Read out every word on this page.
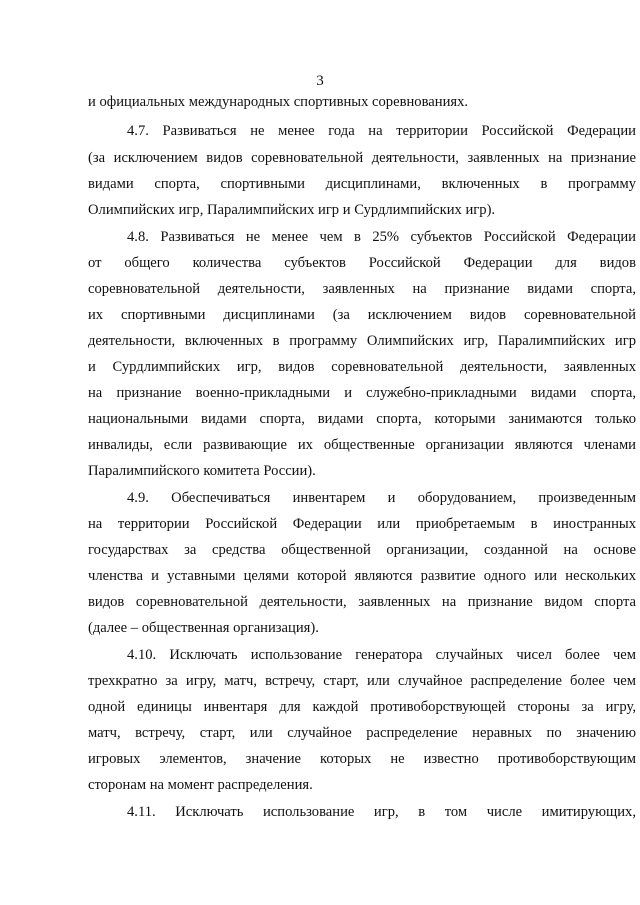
3
и официальных международных спортивных соревнованиях.
4.7. Развиваться не менее года на территории Российской Федерации
(за исключением видов соревновательной деятельности, заявленных на признание
видами спорта, спортивными дисциплинами, включенных в программу
Олимпийских игр, Паралимпийских игр и Сурдлимпийских игр).
4.8. Развиваться не менее чем в 25% субъектов Российской Федерации
от общего количества субъектов Российской Федерации для видов
соревновательной деятельности, заявленных на признание видами спорта,
их спортивными дисциплинами (за исключением видов соревновательной
деятельности, включенных в программу Олимпийских игр, Паралимпийских игр
и Сурдлимпийских игр, видов соревновательной деятельности, заявленных
на признание военно-прикладными и служебно-прикладными видами спорта,
национальными видами спорта, видами спорта, которыми занимаются только
инвалиды, если развивающие их общественные организации являются членами
Паралимпийского комитета России).
4.9. Обеспечиваться инвентарем и оборудованием, произведенным
на территории Российской Федерации или приобретаемым в иностранных
государствах за средства общественной организации, созданной на основе
членства и уставными целями которой являются развитие одного или нескольких
видов соревновательной деятельности, заявленных на признание видом спорта
(далее – общественная организация).
4.10. Исключать использование генератора случайных чисел более чем
трехкратно за игру, матч, встречу, старт, или случайное распределение более чем
одной единицы инвентаря для каждой противоборствующей стороны за игру,
матч, встречу, старт, или случайное распределение неравных по значению
игровых элементов, значение которых не известно противоборствующим
сторонам на момент распределения.
4.11. Исключать использование игр, в том числе имитирующих,
